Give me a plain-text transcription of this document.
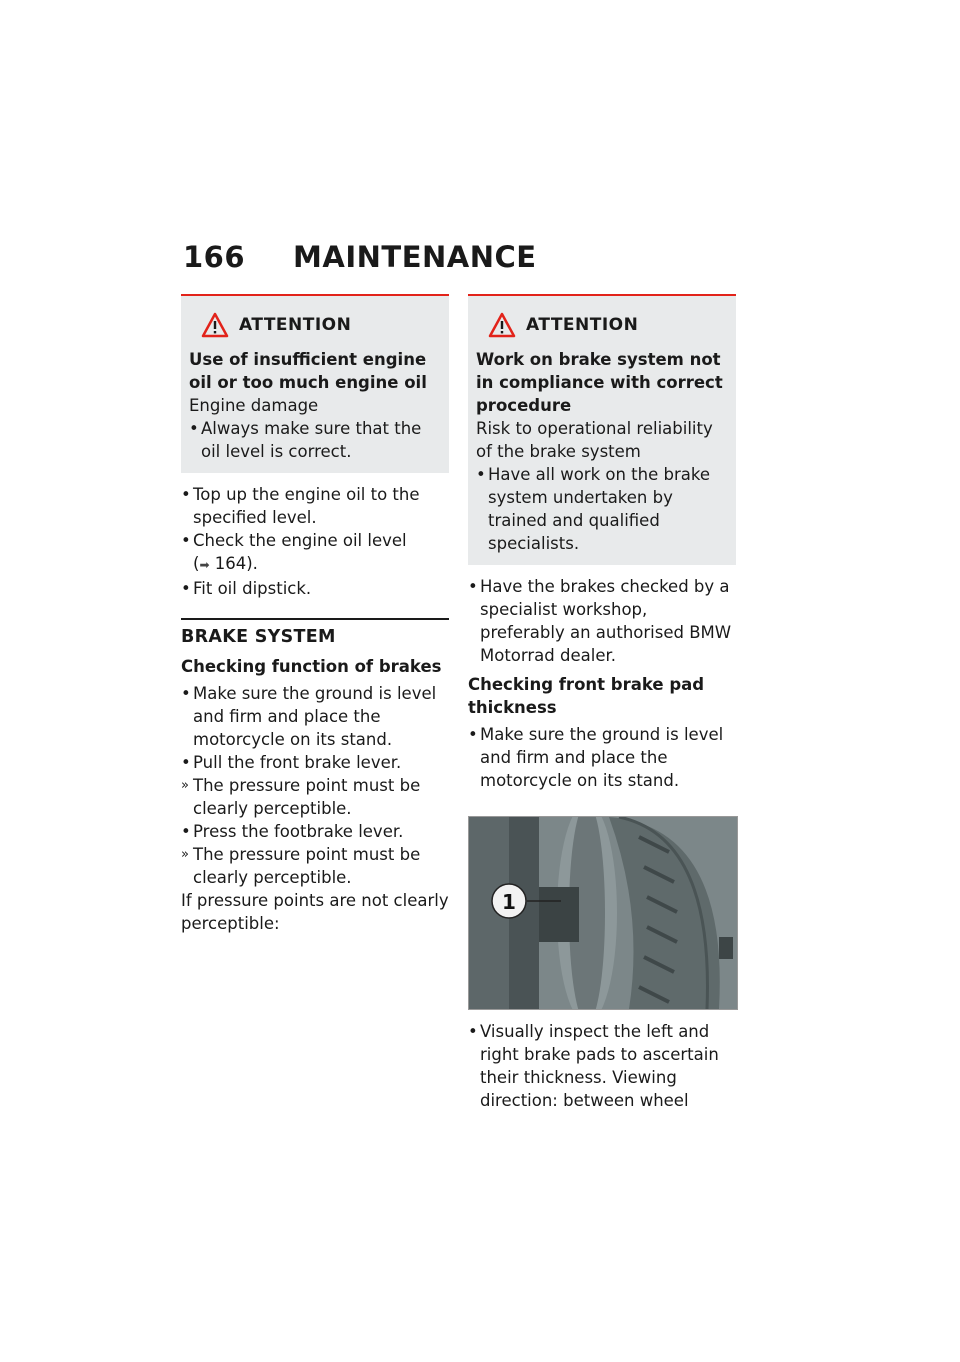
166 MAINTENANCE
ATTENTION
Use of insufficient engine oil or too much engine oil
Engine damage
• Always make sure that the oil level is correct.
• Top up the engine oil to the specified level.
• Check the engine oil level
(➡ 164).
• Fit oil dipstick.
BRAKE SYSTEM
Checking function of brakes
• Make sure the ground is level and firm and place the motorcycle on its stand.
• Pull the front brake lever.
» The pressure point must be clearly perceptible.
• Press the footbrake lever.
» The pressure point must be clearly perceptible.
If pressure points are not clearly perceptible:
ATTENTION
Work on brake system not in compliance with correct procedure
Risk to operational reliability of the brake system
• Have all work on the brake system undertaken by trained and qualified specialists.
• Have the brakes checked by a specialist workshop, preferably an authorised BMW Motorrad dealer.
Checking front brake pad thickness
• Make sure the ground is level and firm and place the motorcycle on its stand.
1
• Visually inspect the left and right brake pads to ascertain their thickness. Viewing direction: between wheel
